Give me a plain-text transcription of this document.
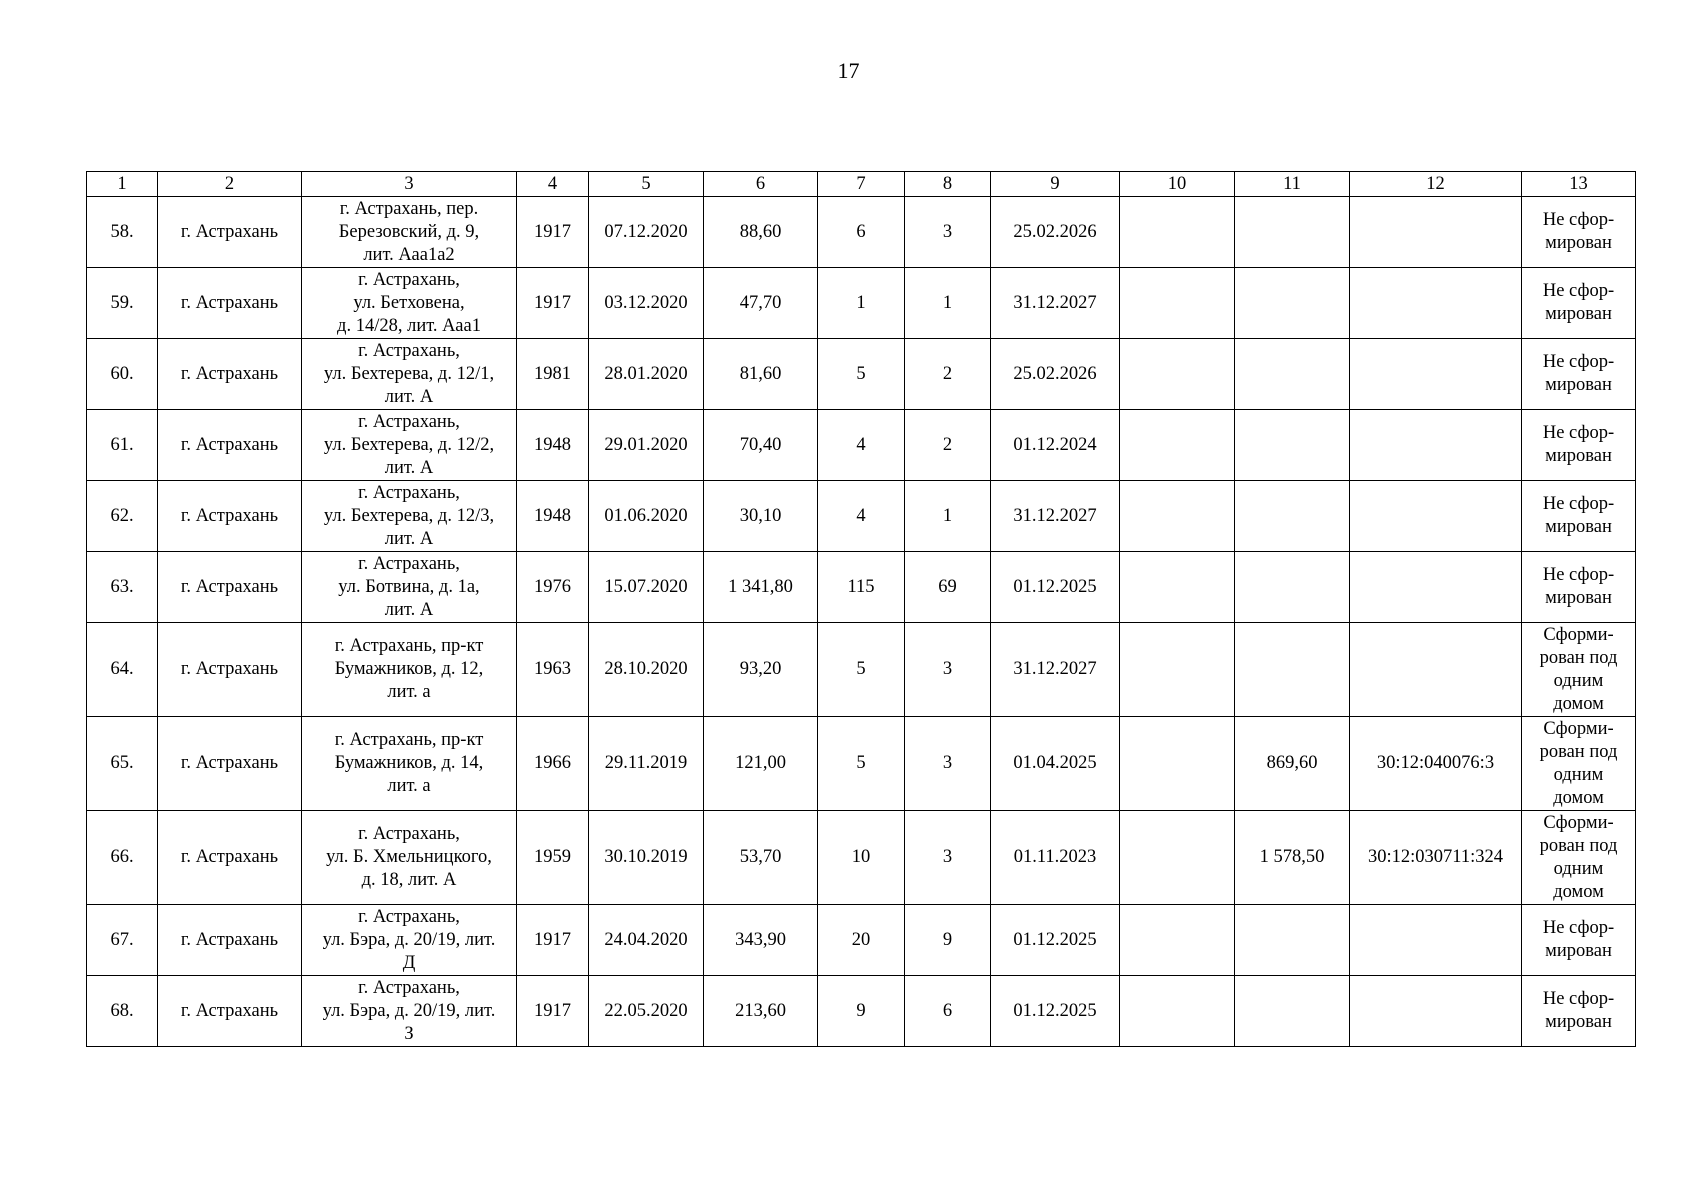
17
1	2	3	4	5	6	7	8	9	10	11	12	13
58.	г. Астрахань	г. Астрахань, пер.
Березовский, д. 9,
лит. Ааа1а2	1917	07.12.2020	88,60	6	3	25.02.2026				Не сфор-
мирован

59.	г. Астрахань	г. Астрахань,
ул. Бетховена,
д. 14/28, лит. Ааа1	1917	03.12.2020	47,70	1	1	31.12.2027				Не сфор-
мирован

60.	г. Астрахань	г. Астрахань,
ул. Бехтерева, д. 12/1,
лит. А	1981	28.01.2020	81,60	5	2	25.02.2026				Не сфор-
мирован

61.	г. Астрахань	г. Астрахань,
ул. Бехтерева, д. 12/2,
лит. А	1948	29.01.2020	70,40	4	2	01.12.2024				Не сфор-
мирован

62.	г. Астрахань	г. Астрахань,
ул. Бехтерева, д. 12/3,
лит. А	1948	01.06.2020	30,10	4	1	31.12.2027				Не сфор-
мирован

63.	г. Астрахань	г. Астрахань,
ул. Ботвина, д. 1а,
лит. А	1976	15.07.2020	1 341,80	115	69	01.12.2025				Не сфор-
мирован

64.	г. Астрахань	г. Астрахань, пр-кт
Бумажников, д. 12,
лит. а	1963	28.10.2020	93,20	5	3	31.12.2027				Сформи-
рован под
одним
домом

65.	г. Астрахань	г. Астрахань, пр-кт
Бумажников, д. 14,
лит. а	1966	29.11.2019	121,00	5	3	01.04.2025		869,60	30:12:040076:3	Сформи-
рован под
одним
домом

66.	г. Астрахань	г. Астрахань,
ул. Б. Хмельницкого,
д. 18, лит. А	1959	30.10.2019	53,70	10	3	01.11.2023		1 578,50	30:12:030711:324	Сформи-
рован под
одним
домом

67.	г. Астрахань	г. Астрахань,
ул. Бэра, д. 20/19, лит.
Д	1917	24.04.2020	343,90	20	9	01.12.2025				Не сфор-
мирован

68.	г. Астрахань	г. Астрахань,
ул. Бэра, д. 20/19, лит.
З	1917	22.05.2020	213,60	9	6	01.12.2025				Не сфор-
мирован
